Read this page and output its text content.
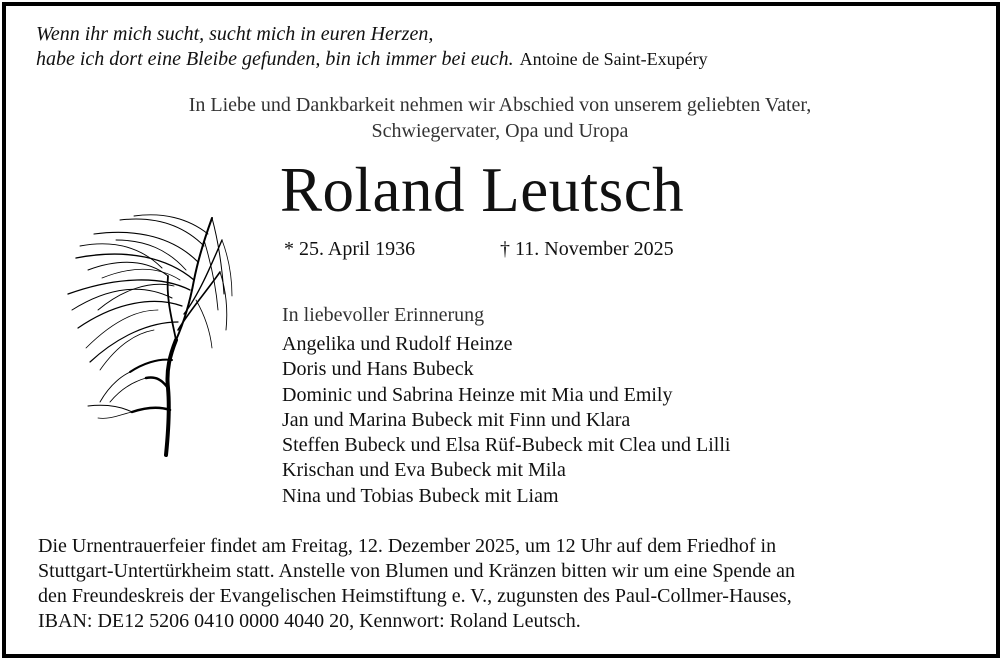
Wenn ihr mich sucht, sucht mich in euren Herzen,
habe ich dort eine Bleibe gefunden, bin ich immer bei euch. Antoine de Saint-Exupéry
In Liebe und Dankbarkeit nehmen wir Abschied von unserem geliebten Vater,
Schwiegervater, Opa und Uropa
Roland Leutsch
* 25. April 1936	† 11. November 2025
In liebevoller Erinnerung
Angelika und Rudolf Heinze
Doris und Hans Bubeck
Dominic und Sabrina Heinze mit Mia und Emily
Jan und Marina Bubeck mit Finn und Klara
Steffen Bubeck und Elsa Rüf-Bubeck mit Clea und Lilli
Krischan und Eva Bubeck mit Mila
Nina und Tobias Bubeck mit Liam
Die Urnentrauerfeier findet am Freitag, 12. Dezember 2025, um 12 Uhr auf dem Friedhof in
Stuttgart-Untertürkheim statt. Anstelle von Blumen und Kränzen bitten wir um eine Spende an
den Freundeskreis der Evangelischen Heimstiftung e. V., zugunsten des Paul-Collmer-Hauses,
IBAN: DE12 5206 0410 0000 4040 20, Kennwort: Roland Leutsch.
